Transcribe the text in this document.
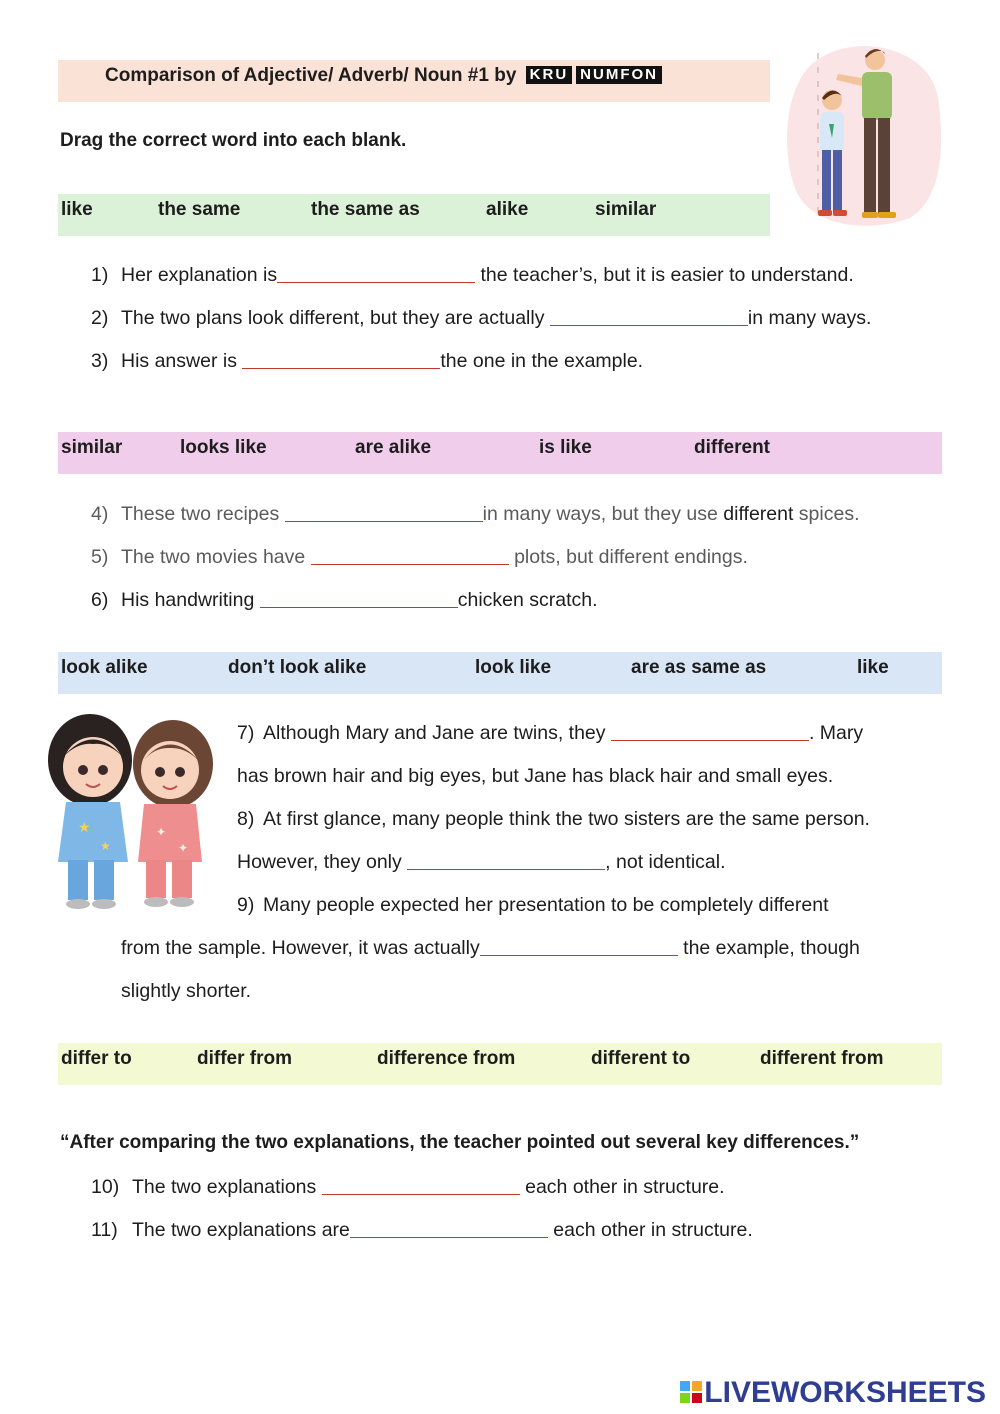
Comparison of Adjective/ Adverb/ Noun #1 by KRU NUMFON
Drag the correct word into each blank.
like	the same	the same as	alike	similar
1) Her explanation is	the teacher’s, but it is easier to understand.
2) The two plans look different, but they are actually	in many ways.
3) His answer is	the one in the example.
similar	looks like	are alike	is like	different
4) These two recipes	in many ways, but they use different spices.
5) The two movies have	plots, but different endings.
6) His handwriting	chicken scratch.
look alike	don’t look alike	look like	are as same as	like
★
★
✦
✦
7) Although Mary and Jane are twins, they	. Mary
has brown hair and big eyes, but Jane has black hair and small eyes.
8) At first glance, many people think the two sisters are the same person.
However, they only	, not identical.
9) Many people expected her presentation to be completely different
from the sample. However, it was actually	the example, though
slightly shorter.
differ to	differ from	difference from	different to	different from
“After comparing the two explanations, the teacher pointed out several key differences.”
10) The two explanations	each other in structure.
11) The two explanations are	each other in structure.
LIVEWORKSHEETS
